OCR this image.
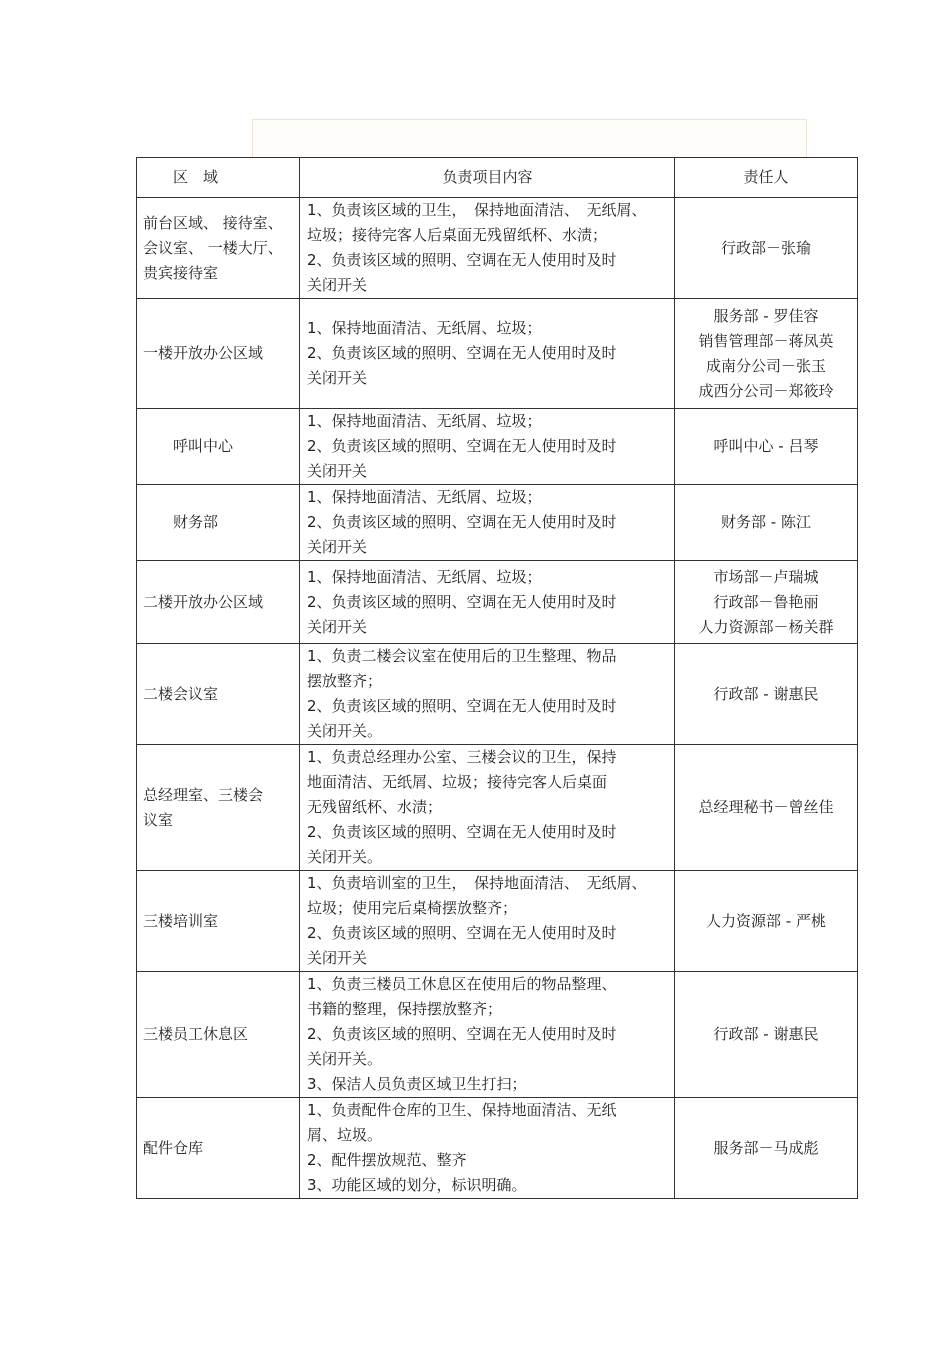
区　域	负责项目内容	责任人

前台区域、 接待室、
会议室、 一楼大厅、
贵宾接待室	1、负责该区域的卫生，　保持地面清洁、　无纸屑、
垃圾；接待完客人后桌面无残留纸杯、水渍；
2、负责该区域的照明、空调在无人使用时及时
关闭开关	行政部－张瑜

一楼开放办公区域	1、保持地面清洁、无纸屑、垃圾；
2、负责该区域的照明、空调在无人使用时及时
关闭开关	服务部 - 罗佳容
销售管理部－蒋凤英
成南分公司－张玉
成西分公司－郑筱玲

呼叫中心	1、保持地面清洁、无纸屑、垃圾；
2、负责该区域的照明、空调在无人使用时及时
关闭开关	呼叫中心 - 吕琴

财务部	1、保持地面清洁、无纸屑、垃圾；
2、负责该区域的照明、空调在无人使用时及时
关闭开关	财务部 - 陈江

二楼开放办公区域	1、保持地面清洁、无纸屑、垃圾；
2、负责该区域的照明、空调在无人使用时及时
关闭开关	市场部－卢瑞城
行政部－鲁艳丽
人力资源部－杨关群

二楼会议室	1、负责二楼会议室在使用后的卫生整理、物品
摆放整齐；
2、负责该区域的照明、空调在无人使用时及时
关闭开关。	行政部 - 谢惠民

总经理室、三楼会
议室	1、负责总经理办公室、三楼会议的卫生，保持
地面清洁、无纸屑、垃圾；接待完客人后桌面
无残留纸杯、水渍；
2、负责该区域的照明、空调在无人使用时及时
关闭开关。	总经理秘书－曾丝佳

三楼培训室	1、负责培训室的卫生，　保持地面清洁、　无纸屑、
垃圾；使用完后桌椅摆放整齐；
2、负责该区域的照明、空调在无人使用时及时
关闭开关	人力资源部 - 严桃

三楼员工休息区	1、负责三楼员工休息区在使用后的物品整理、
书籍的整理，保持摆放整齐；
2、负责该区域的照明、空调在无人使用时及时
关闭开关。
3、保洁人员负责区域卫生打扫；	行政部 - 谢惠民

配件仓库	1、负责配件仓库的卫生、保持地面清洁、无纸
屑、垃圾。
2、配件摆放规范、整齐
3、功能区域的划分，标识明确。	服务部－马成彪
